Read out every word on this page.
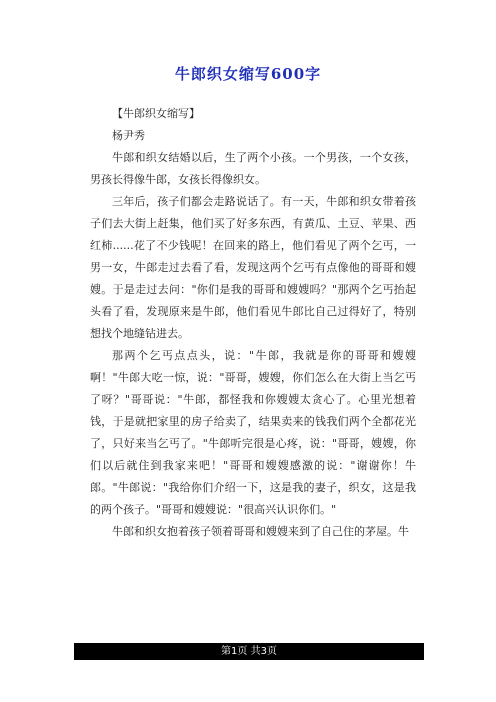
牛郎织女缩写600字

【牛郎织女缩写】

杨尹秀

牛郎和织女结婚以后，生了两个小孩。一个男孩，一个女孩，男孩长得像牛郎，女孩长得像织女。

三年后，孩子们都会走路说话了。有一天，牛郎和织女带着孩子们去大街上赶集，他们买了好多东西，有黄瓜、土豆、苹果、西红柿......花了不少钱呢！在回来的路上，他们看见了两个乞丐，一男一女，牛郎走过去看了看，发现这两个乞丐有点像他的哥哥和嫂嫂。于是走过去问："你们是我的哥哥和嫂嫂吗？"那两个乞丐抬起头看了看，发现原来是牛郎，他们看见牛郎比自己过得好了，特别想找个地缝钻进去。

那两个乞丐点点头，说："牛郎，我就是你的哥哥和嫂嫂啊！"牛郎大吃一惊，说："哥哥，嫂嫂，你们怎么在大街上当乞丐了呀？"哥哥说："牛郎，都怪我和你嫂嫂太贪心了。心里光想着钱，于是就把家里的房子给卖了，结果卖来的钱我们两个全都花光了，只好来当乞丐了。"牛郎听完很是心疼，说："哥哥，嫂嫂，你们以后就住到我家来吧！"哥哥和嫂嫂感激的说："谢谢你！牛郎。"牛郎说："我给你们介绍一下，这是我的妻子，织女，这是我的两个孩子。"哥哥和嫂嫂说："很高兴认识你们。"

牛郎和织女抱着孩子领着哥哥和嫂嫂来到了自己住的茅屋。牛

第1页 共3页
